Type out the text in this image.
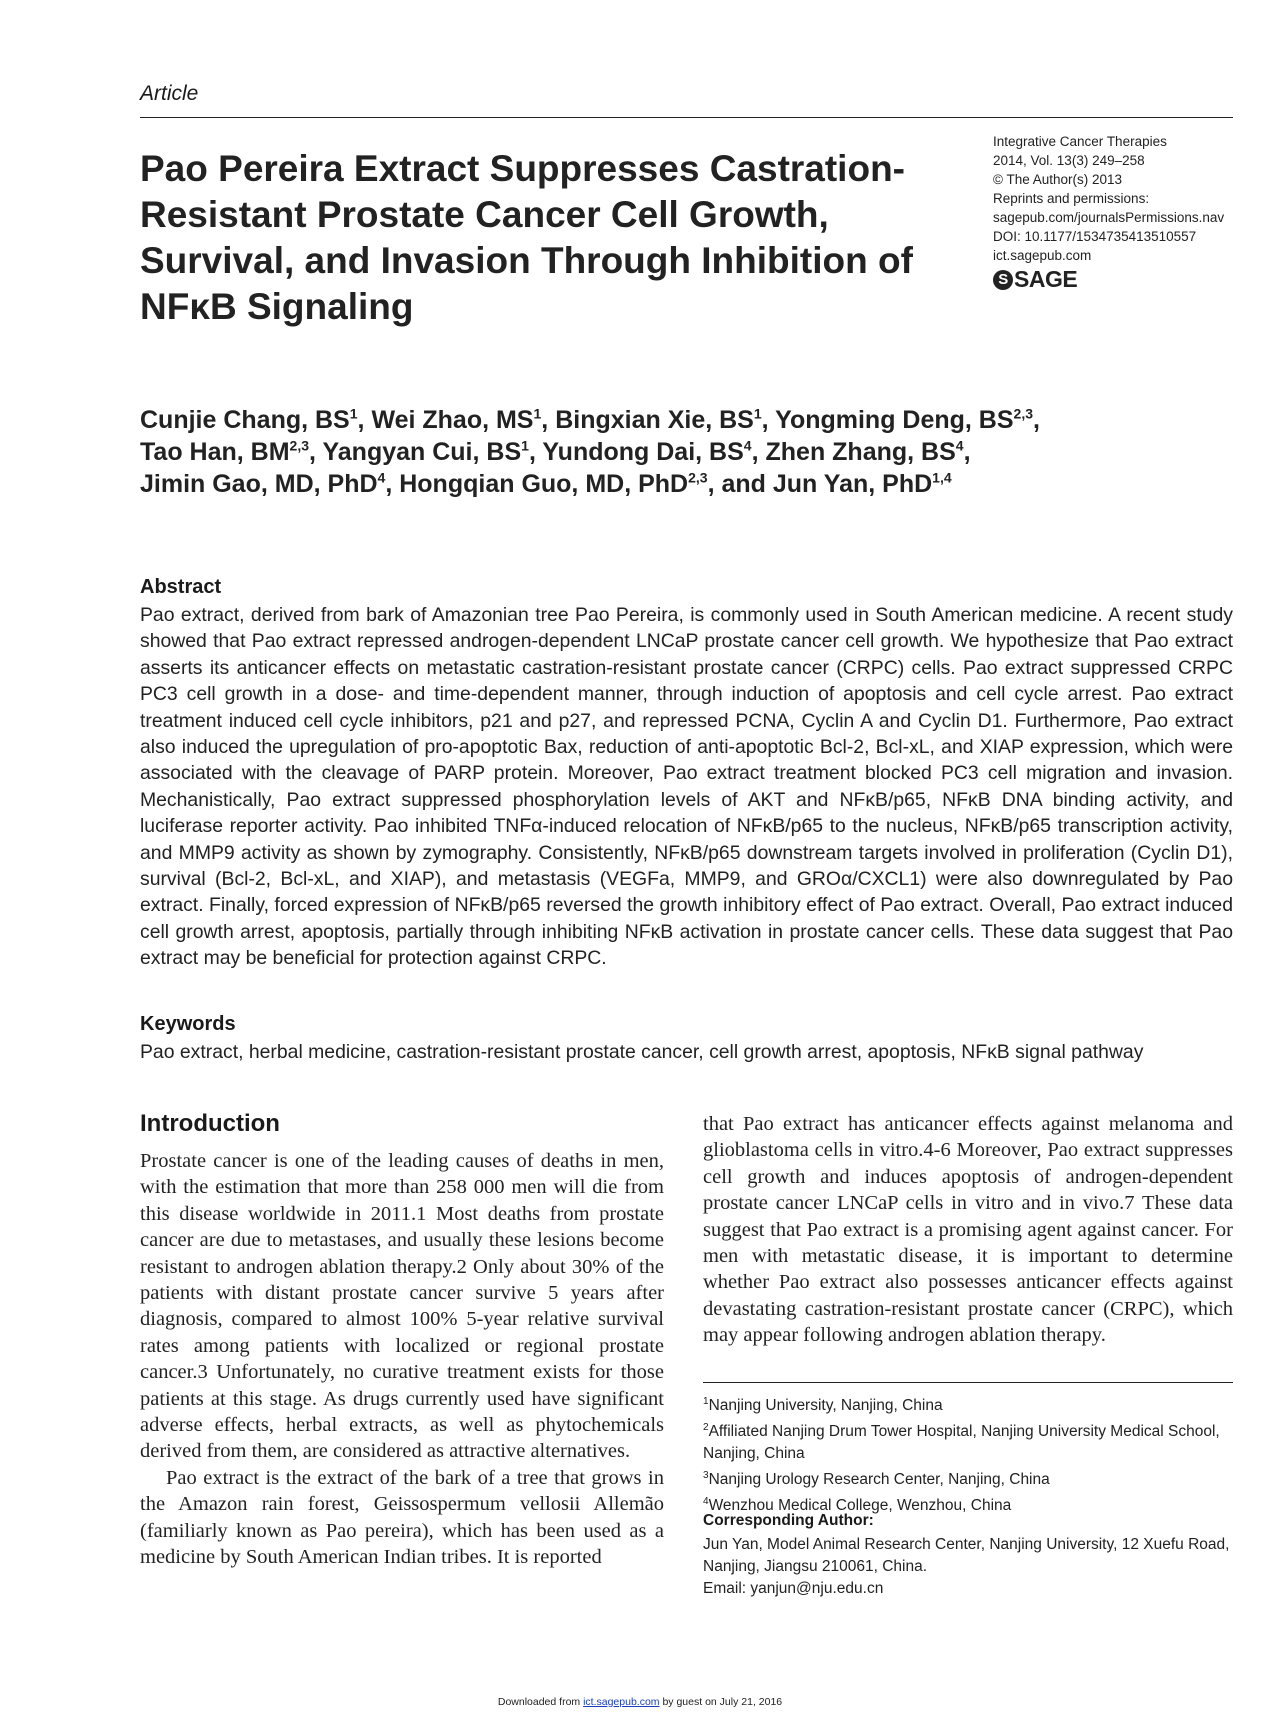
Article
Pao Pereira Extract Suppresses Castration-Resistant Prostate Cancer Cell Growth, Survival, and Invasion Through Inhibition of NFκB Signaling
Integrative Cancer Therapies
2014, Vol. 13(3) 249–258
© The Author(s) 2013
Reprints and permissions:
sagepub.com/journalsPermissions.nav
DOI: 10.1177/1534735413510557
ict.sagepub.com
S SAGE
Cunjie Chang, $BS^1$, Wei Zhao, $MS^1$, Bingxian Xie, $BS^1$, Yongming Deng, BS$^{2,3}$,
Tao Han, BM$^{2,3}$, Yangyan Cui, $BS^1$, Yundong Dai, $BS^4$, Zhen Zhang, $BS^4$,
Jimin Gao, MD, PhD$^4$, Hongqian Guo, MD, PhD$^{2,3}$, and Jun Yan, PhD$^{1,4}$
Abstract
Pao extract, derived from bark of Amazonian tree Pao Pereira, is commonly used in South American medicine. A recent study showed that Pao extract repressed androgen-dependent LNCaP prostate cancer cell growth. We hypothesize that Pao extract asserts its anticancer effects on metastatic castration-resistant prostate cancer (CRPC) cells. Pao extract suppressed CRPC PC3 cell growth in a dose- and time-dependent manner, through induction of apoptosis and cell cycle arrest. Pao extract treatment induced cell cycle inhibitors, p21 and p27, and repressed PCNA, Cyclin A and Cyclin D1. Furthermore, Pao extract also induced the upregulation of pro-apoptotic Bax, reduction of anti-apoptotic Bcl-2, Bcl-xL, and XIAP expression, which were associated with the cleavage of PARP protein. Moreover, Pao extract treatment blocked PC3 cell migration and invasion. Mechanistically, Pao extract suppressed phosphorylation levels of AKT and NFκB/p65, NFκB DNA binding activity, and luciferase reporter activity. Pao inhibited TNFα-induced relocation of NFκB/p65 to the nucleus, NFκB/p65 transcription activity, and MMP9 activity as shown by zymography. Consistently, NFκB/p65 downstream targets involved in proliferation (Cyclin D1), survival (Bcl-2, Bcl-xL, and XIAP), and metastasis (VEGFa, MMP9, and GROα/CXCL1) were also downregulated by Pao extract. Finally, forced expression of NFκB/p65 reversed the growth inhibitory effect of Pao extract. Overall, Pao extract induced cell growth arrest, apoptosis, partially through inhibiting NFκB activation in prostate cancer cells. These data suggest that Pao extract may be beneficial for protection against CRPC.
Keywords
Pao extract, herbal medicine, castration-resistant prostate cancer, cell growth arrest, apoptosis, NFκB signal pathway
Introduction

Prostate cancer is one of the leading causes of deaths in men, with the estimation that more than 258 000 men will die from this disease worldwide in 2011.1 Most deaths from prostate cancer are due to metastases, and usually these lesions become resistant to androgen ablation therapy.2 Only about 30% of the patients with distant prostate cancer survive 5 years after diagnosis, compared to almost 100% 5-year relative survival rates among patients with localized or regional prostate cancer.3 Unfortunately, no curative treatment exists for those patients at this stage. As drugs currently used have significant adverse effects, herbal extracts, as well as phytochemicals derived from them, are considered as attractive alternatives.

Pao extract is the extract of the bark of a tree that grows in the Amazon rain forest, Geissospermum vellosii Allemão (familiarly known as Pao pereira), which has been used as a medicine by South American Indian tribes. It is reported

that Pao extract has anticancer effects against melanoma and glioblastoma cells in vitro.4-6 Moreover, Pao extract suppresses cell growth and induces apoptosis of androgen-dependent prostate cancer LNCaP cells in vitro and in vivo.7 These data suggest that Pao extract is a promising agent against cancer. For men with metastatic disease, it is important to determine whether Pao extract also possesses anticancer effects against devastating castration-resistant prostate cancer (CRPC), which may appear following androgen ablation therapy.

$^1$Nanjing University, Nanjing, China
$^2$Affiliated Nanjing Drum Tower Hospital, Nanjing University Medical School, Nanjing, China
$^3$Nanjing Urology Research Center, Nanjing, China
$^4$Wenzhou Medical College, Wenzhou, China
Corresponding Author:
Jun Yan, Model Animal Research Center, Nanjing University, 12 Xuefu Road, Nanjing, Jiangsu 210061, China.
Email: yanjun@nju.edu.cn
Downloaded from ict.sagepub.com by guest on July 21, 2016
